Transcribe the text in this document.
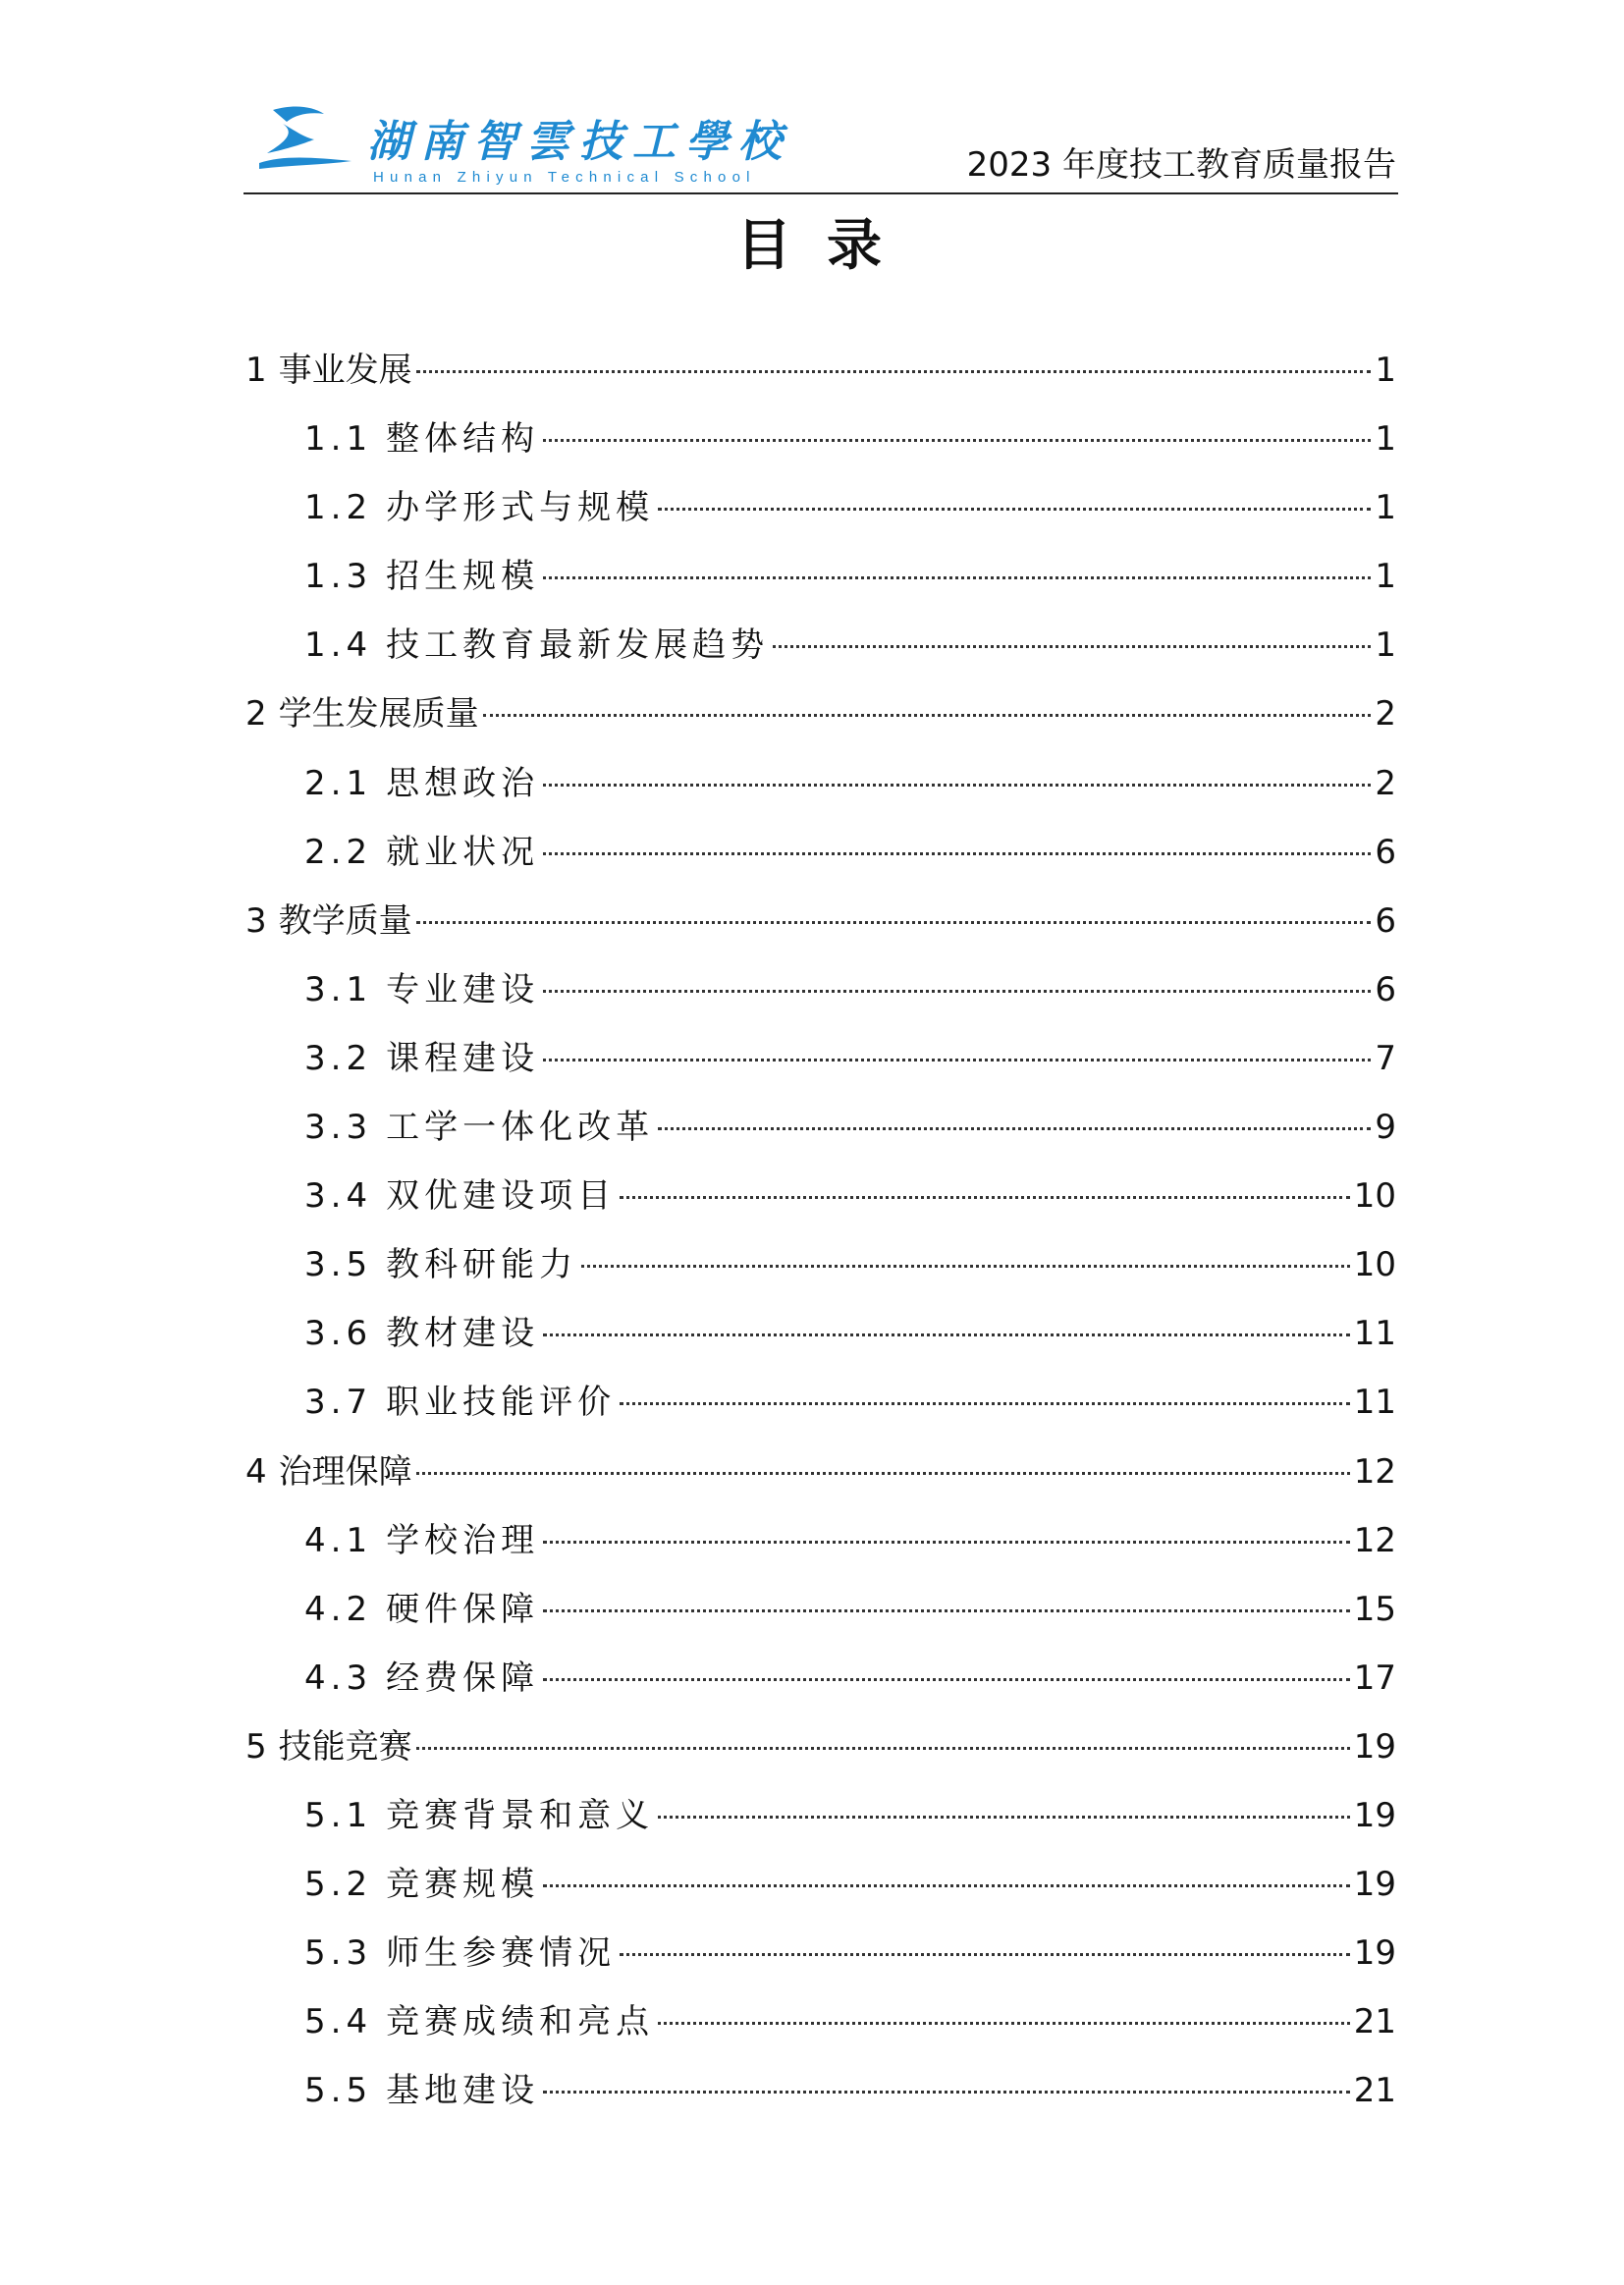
湖南智雲技工學校
Hunan Zhiyun Technical School	2023 年度技工教育质量报告
目录
1 事业发展	1
1.1 整体结构	1
1.2 办学形式与规模	1
1.3 招生规模	1
1.4 技工教育最新发展趋势	1
2 学生发展质量	2
2.1 思想政治	2
2.2 就业状况	6
3 教学质量	6
3.1 专业建设	6
3.2 课程建设	7
3.3 工学一体化改革	9
3.4 双优建设项目	10
3.5 教科研能力	10
3.6 教材建设	11
3.7 职业技能评价	11
4 治理保障	12
4.1 学校治理	12
4.2 硬件保障	15
4.3 经费保障	17
5 技能竞赛	19
5.1 竞赛背景和意义	19
5.2 竞赛规模	19
5.3 师生参赛情况	19
5.4 竞赛成绩和亮点	21
5.5 基地建设	21
